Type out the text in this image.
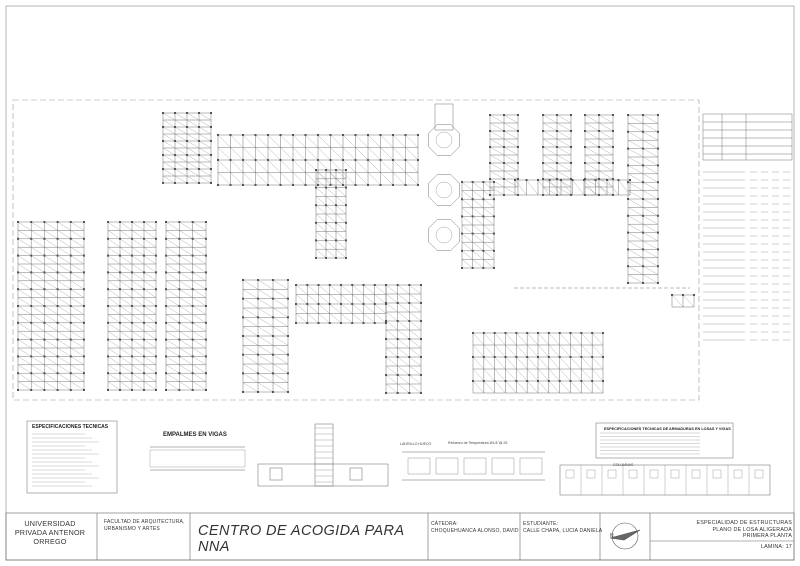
UNIVERSIDAD PRIVADA ANTENOR ORREGO
FACULTAD DE ARQUITECTURA, URBANISMO Y ARTES	CENTRO DE ACOGIDA PARA NNA
CÁTEDRA:
CHOQUEHUANCA ALONSO, DAVID
ESTUDIANTE:
CALLE CHAPA, LUCIA DANIELA
ESPECIALIDAD DE ESTRUCTURAS
PLANO DE LOSA ALIGERADA
PRIMERA PLANTA
LAMINA: 17
ESPECIFICACIONES TECNICAS
EMPALMES EN VIGAS
LADRILLO HUECO	Refuerzo de Temperatura Ø1/4"@.25
ESPECIFICACIONES TECNICAS DE ARMADURAS EN LOSAS Y VIGAS
COLUMNAS
N
